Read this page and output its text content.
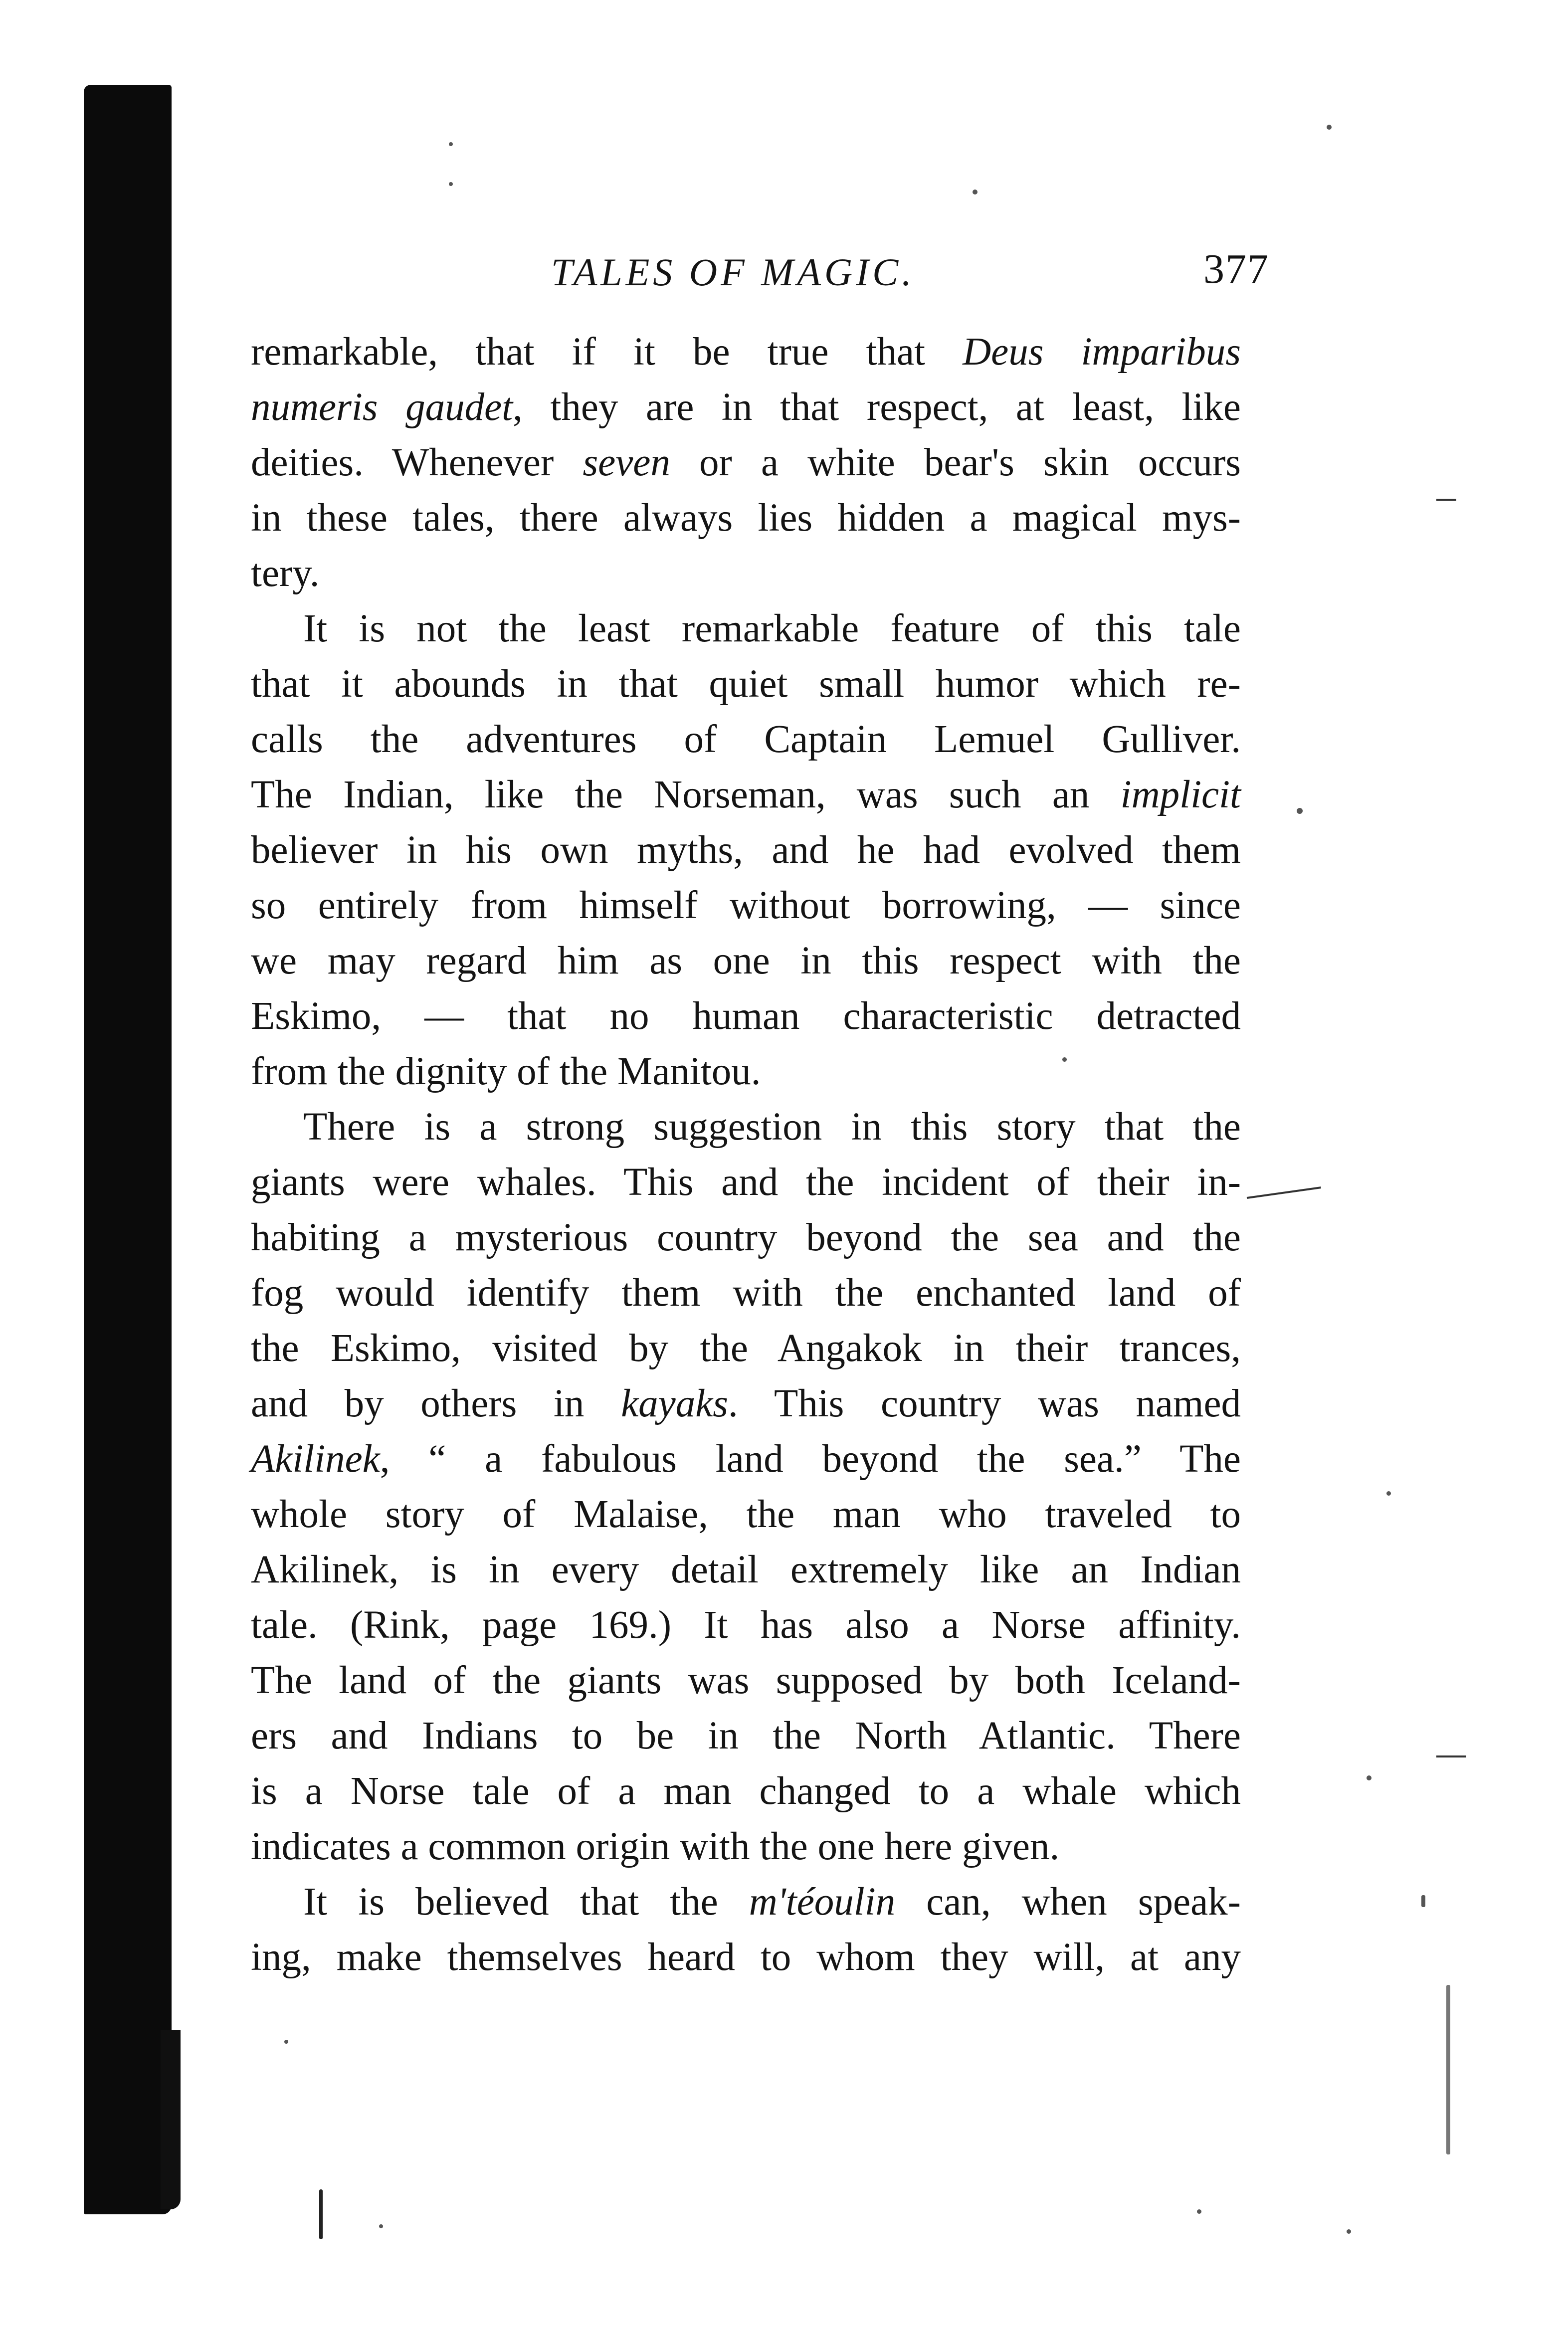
TALES OF MAGIC.	377
remarkable, that if it be true that Deus imparibus
numeris gaudet, they are in that respect, at least, like
deities. Whenever seven or a white bear's skin occurs
in these tales, there always lies hidden a magical mys-
tery.
It is not the least remarkable feature of this tale
that it abounds in that quiet small humor which re-
calls the adventures of Captain Lemuel Gulliver.
The Indian, like the Norseman, was such an implicit
believer in his own myths, and he had evolved them
so entirely from himself without borrowing, — since
we may regard him as one in this respect with the
Eskimo, — that no human characteristic detracted
from the dignity of the Manitou.
There is a strong suggestion in this story that the
giants were whales. This and the incident of their in-
habiting a mysterious country beyond the sea and the
fog would identify them with the enchanted land of
the Eskimo, visited by the Angakok in their trances,
and by others in kayaks. This country was named
Akilinek, “ a fabulous land beyond the sea.” The
whole story of Malaise, the man who traveled to
Akilinek, is in every detail extremely like an Indian
tale. (Rink, page 169.) It has also a Norse affinity.
The land of the giants was supposed by both Iceland-
ers and Indians to be in the North Atlantic. There
is a Norse tale of a man changed to a whale which
indicates a common origin with the one here given.
It is believed that the m'téoulin can, when speak-
ing, make themselves heard to whom they will, at any
